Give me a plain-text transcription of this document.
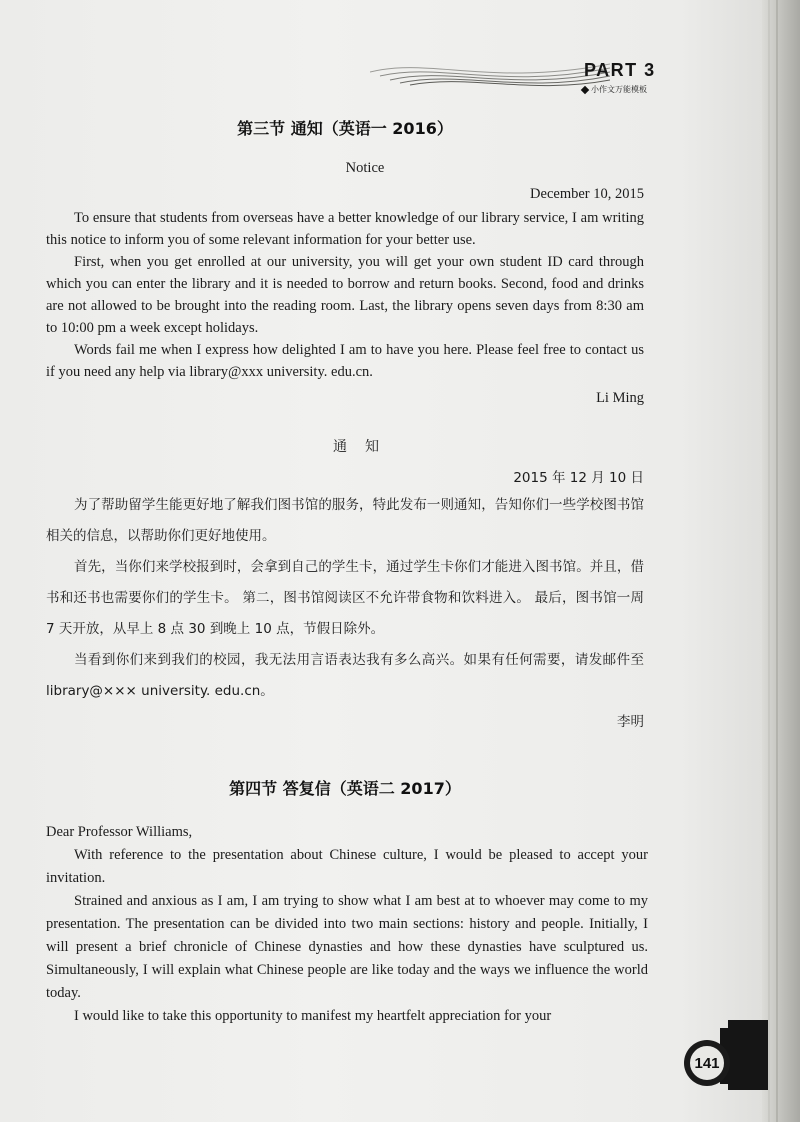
PART 3
小作文万能模板
第三节 通知（英语一 2016）
Notice
December 10, 2015

To ensure that students from overseas have a better knowledge of our library service, I am writing this notice to inform you of some relevant information for your better use.

First, when you get enrolled at our university, you will get your own student ID card through which you can enter the library and it is needed to borrow and return books. Second, food and drinks are not allowed to be brought into the reading room. Last, the library opens seven days from 8:30 am to 10:00 pm a week except holidays.

Words fail me when I express how delighted I am to have you here. Please feel free to contact us if you need any help via library@xxx university. edu.cn.

Li Ming
通知
2015 年 12 月 10 日

为了帮助留学生能更好地了解我们图书馆的服务，特此发布一则通知，告知你们一些学校图书馆相关的信息，以帮助你们更好地使用。

首先，当你们来学校报到时，会拿到自己的学生卡，通过学生卡你们才能进入图书馆。并且，借书和还书也需要你们的学生卡。 第二，图书馆阅读区不允许带食物和饮料进入。 最后，图书馆一周 7 天开放，从早上 8 点 30 到晚上 10 点，节假日除外。

当看到你们来到我们的校园，我无法用言语表达我有多么高兴。如果有任何需要，请发邮件至library@××× university. edu.cn。

李明
第四节 答复信（英语二 2017）

Dear Professor Williams,

With reference to the presentation about Chinese culture, I would be pleased to accept your invitation.

Strained and anxious as I am, I am trying to show what I am best at to whoever may come to my presentation. The presentation can be divided into two main sections: history and people. Initially, I will present a brief chronicle of Chinese dynasties and how these dynasties have sculptured us. Simultaneously, I will explain what Chinese people are like today and the ways we influence the world today.

I would like to take this opportunity to manifest my heartfelt appreciation for your

141
